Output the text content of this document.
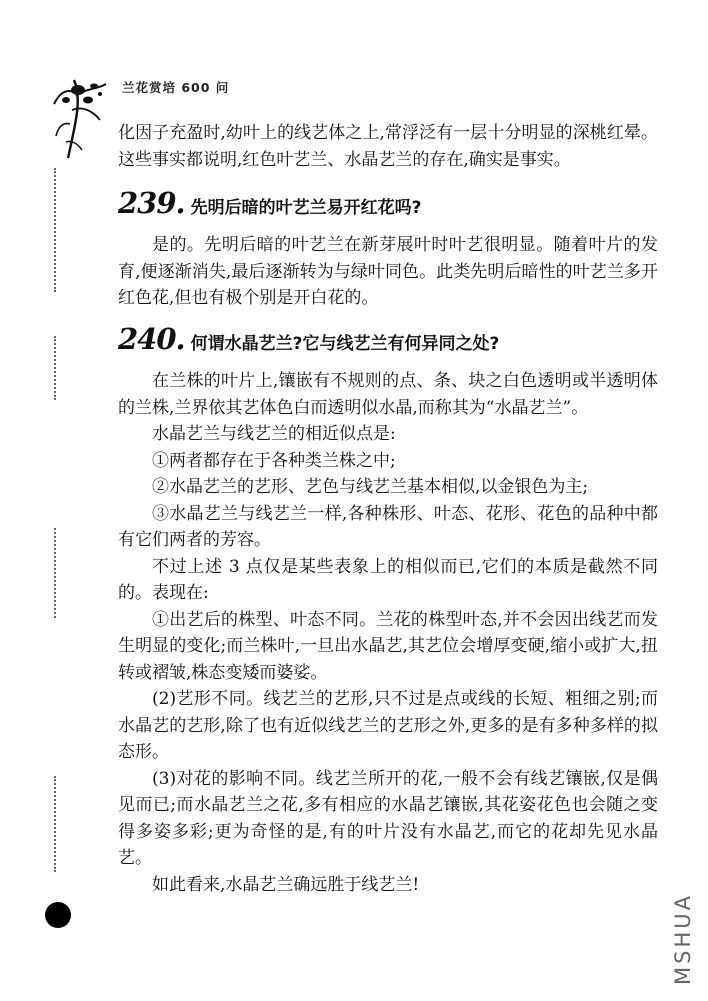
兰花赏培 600 问

化因子充盈时,幼叶上的线艺体之上,常浮泛有一层十分明显的深桃红晕。这些事实都说明,红色叶艺兰、水晶艺兰的存在,确实是事实。

239. 先明后暗的叶艺兰易开红花吗?

是的。先明后暗的叶艺兰在新芽展叶时叶艺很明显。随着叶片的发育,便逐渐消失,最后逐渐转为与绿叶同色。此类先明后暗性的叶艺兰多开红色花,但也有极个别是开白花的。

240. 何谓水晶艺兰?它与线艺兰有何异同之处?

在兰株的叶片上,镶嵌有不规则的点、条、块之白色透明或半透明体的兰株,兰界依其艺体色白而透明似水晶,而称其为“水晶艺兰”。

水晶艺兰与线艺兰的相近似点是:

①两者都存在于各种类兰株之中;

②水晶艺兰的艺形、艺色与线艺兰基本相似,以金银色为主;

③水晶艺兰与线艺兰一样,各种株形、叶态、花形、花色的品种中都有它们两者的芳容。

不过上述 3 点仅是某些表象上的相似而已,它们的本质是截然不同的。表现在:

①出艺后的株型、叶态不同。兰花的株型叶态,并不会因出线艺而发生明显的变化;而兰株叶,一旦出水晶艺,其艺位会增厚变硬,缩小或扩大,扭转或褶皱,株态变矮而婆娑。

(2)艺形不同。线艺兰的艺形,只不过是点或线的长短、粗细之别;而水晶艺的艺形,除了也有近似线艺兰的艺形之外,更多的是有多种多样的拟态形。

(3)对花的影响不同。线艺兰所开的花,一般不会有线艺镶嵌,仅是偶见而已;而水晶艺兰之花,多有相应的水晶艺镶嵌,其花姿花色也会随之变得多姿多彩;更为奇怪的是,有的叶片没有水晶艺,而它的花却先见水晶艺。

如此看来,水晶艺兰确远胜于线艺兰!

MSHUA
